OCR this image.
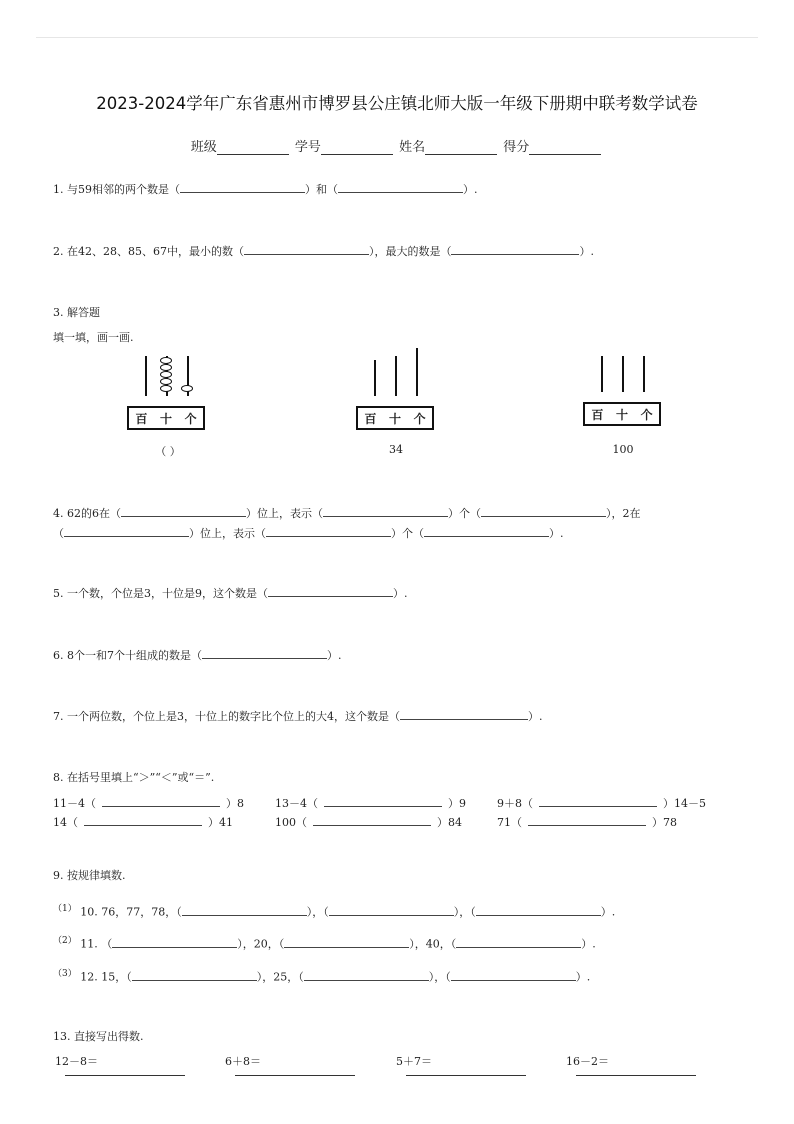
2023-2024学年广东省惠州市博罗县公庄镇北师大版一年级下册期中联考数学试卷
班级	学号	姓名	得分
1. 与59相邻的两个数是（	）和（	）.
2. 在42、28、85、67中，最小的数（	），最大的数是（	）.
3. 解答题
填一填，画一画.
百 十 个
（ ）
百 十 个
34
百 十 个
100
4. 62的6在（	）位上，表示（	）个（	），2在
（	）位上，表示（	）个（	）.
5. 一个数，个位是3，十位是9，这个数是（	）.
6. 8个一和7个十组成的数是（	）.
7. 一个两位数，个位上是3，十位上的数字比个位上的大4，这个数是（	）.
8. 在括号里填上“＞”“＜”或“＝”.
11－4（	）8	13－4（	）9	9＋8（	）14－5
14（	）41	100（	）84	71（	）78
9. 按规律填数.
$^{(1)}$ 10. 76，77，78，（	），（	），（	）.
$^{(2)}$ 11. （	），20，（	），40，（	）.
$^{(3)}$ 12. 15，（	），25，（	），（	）.
13. 直接写出得数.
12－8＝	6＋8＝	5＋7＝	16－2＝
